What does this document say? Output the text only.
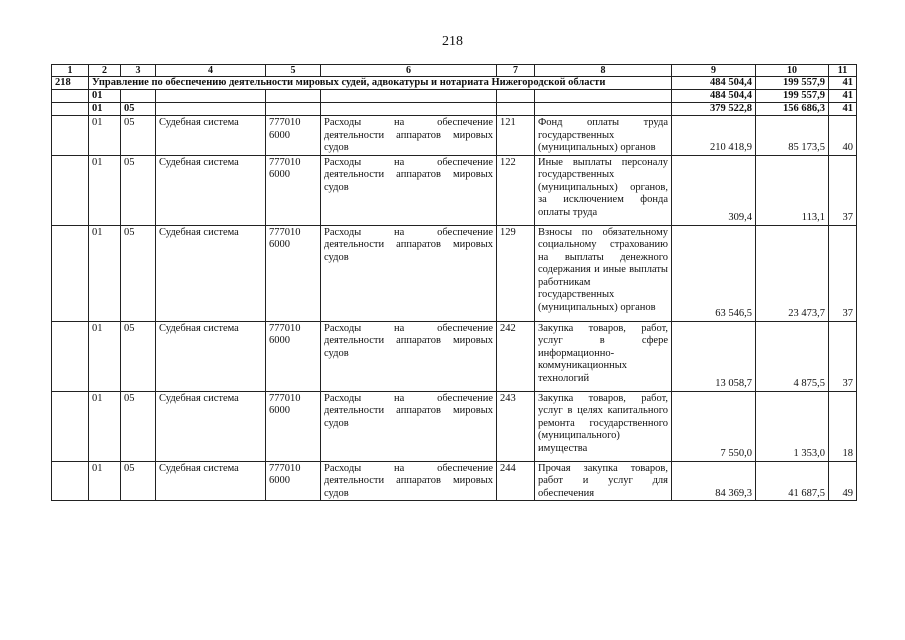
218
1	2	3	4	5	6	7	8	9	10	11
218	Управление по обеспечению деятельности мировых судей, адвокатуры и нотариата Нижегородской области							484 504,4	199 557,9	41
	01							484 504,4	199 557,9	41
	01	05						379 522,8	156 686,3	41
	01	05	Судебная система	777010 6000	Расходы на обеспечение деятельности аппаратов мировых судов	121	Фонд оплаты труда государственных (муниципальных) органов	210 418,9	85 173,5	40
	01	05	Судебная система	777010 6000	Расходы на обеспечение деятельности аппаратов мировых судов	122	Иные выплаты персоналу государственных (муниципальных) органов, за исключением фонда оплаты труда	309,4	113,1	37
	01	05	Судебная система	777010 6000	Расходы на обеспечение деятельности аппаратов мировых судов	129	Взносы по обязательному социальному страхованию на выплаты денежного содержания и иные выплаты работникам государственных (муниципальных) органов	63 546,5	23 473,7	37
	01	05	Судебная система	777010 6000	Расходы на обеспечение деятельности аппаратов мировых судов	242	Закупка товаров, работ, услуг в сфере информационно-коммуникационных технологий	13 058,7	4 875,5	37
	01	05	Судебная система	777010 6000	Расходы на обеспечение деятельности аппаратов мировых судов	243	Закупка товаров, работ, услуг в целях капитального ремонта государственного (муниципального) имущества	7 550,0	1 353,0	18
	01	05	Судебная система	777010 6000	Расходы на обеспечение деятельности аппаратов мировых судов	244	Прочая закупка товаров, работ и услуг для обеспечения	84 369,3	41 687,5	49
